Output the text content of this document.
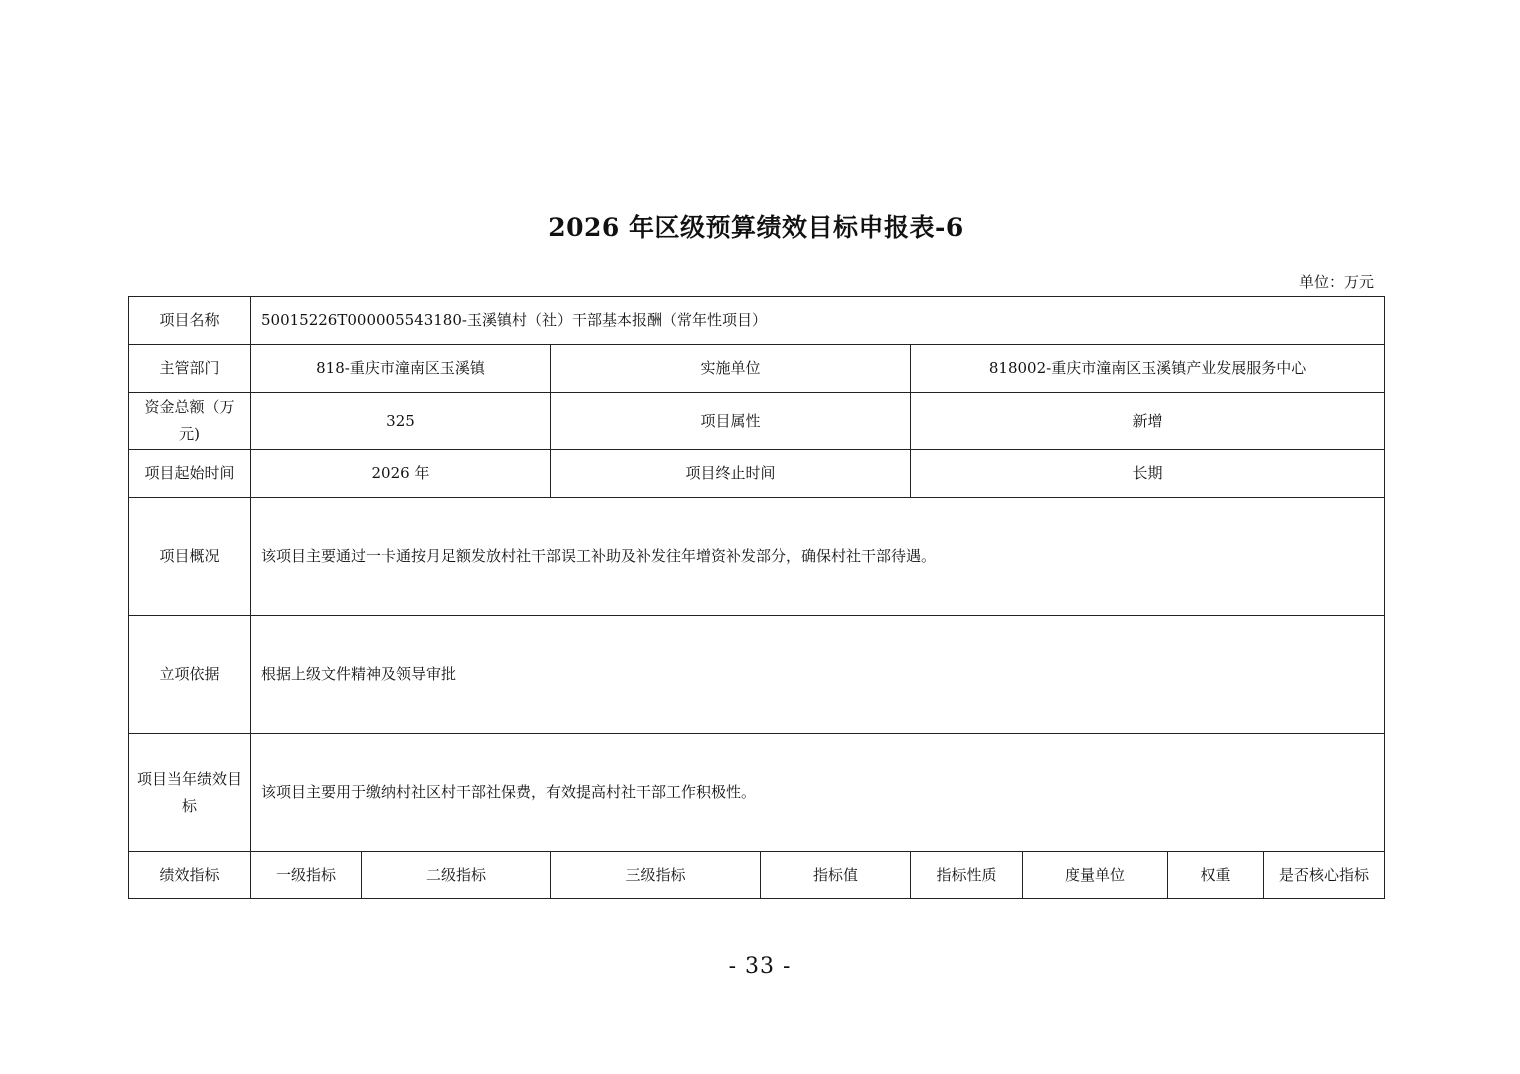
2026 年区级预算绩效目标申报表-6
单位：万元
项目名称	50015226T000005543180-玉溪镇村（社）干部基本报酬（常年性项目）							
主管部门	818-重庆市潼南区玉溪镇		实施单位		818002-重庆市潼南区玉溪镇产业发展服务中心			
资金总额（万元)	325		项目属性		新增			
项目起始时间	2026 年		项目终止时间		长期			
项目概况	该项目主要通过一卡通按月足额发放村社干部误工补助及补发往年增资补发部分，确保村社干部待遇。							
立项依据	根据上级文件精神及领导审批							
项目当年绩效目标	该项目主要用于缴纳村社区村干部社保费，有效提高村社干部工作积极性。							
绩效指标	一级指标	二级指标	三级指标	指标值	指标性质	度量单位	权重	是否核心指标
- 33 -
